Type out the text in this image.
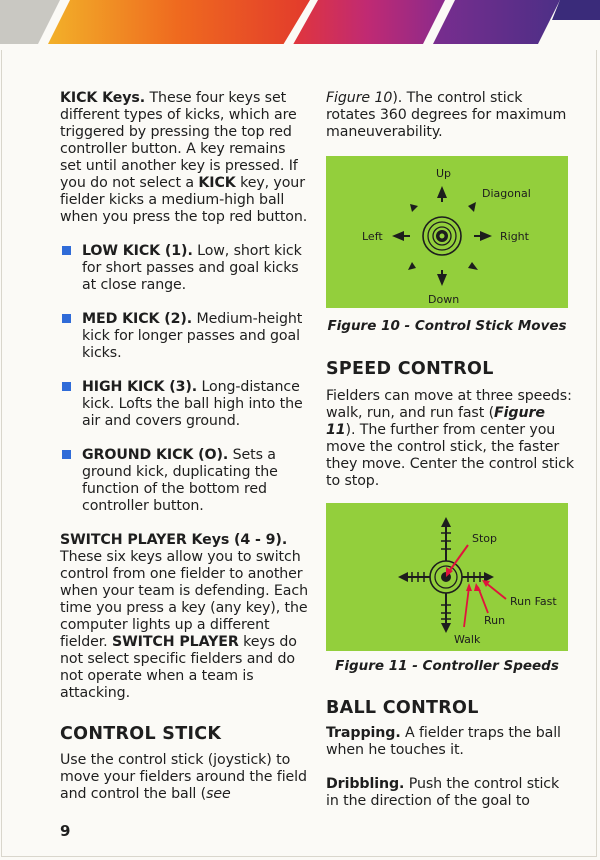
KICK Keys. These four keys set different types of kicks, which are triggered by pressing the top red controller button. A key remains set until another key is pressed. If you do not select a KICK key, your fielder kicks a medium-high ball when you press the top red button.

LOW KICK (1). Low, short kick for short passes and goal kicks at close range.

MED KICK (2). Medium-height kick for longer passes and goal kicks.

HIGH KICK (3). Long-distance kick. Lofts the ball high into the air and covers ground.

GROUND KICK (O). Sets a ground kick, duplicating the function of the bottom red controller button.

SWITCH PLAYER Keys (4 - 9). These six keys allow you to switch control from one fielder to another when your team is defending. Each time you press a key (any key), the computer lights up a different fielder. SWITCH PLAYER keys do not select specific fielders and do not operate when a team is attacking.

CONTROL STICK

Use the control stick (joystick) to move your fielders around the field and control the ball (see

Figure 10). The control stick rotates 360 degrees for maximum maneuverability.

Up
Diagonal
Left	Right
Down
Figure 10 - Control Stick Moves
SPEED CONTROL

Fielders can move at three speeds: walk, run, and run fast (Figure 11). The further from center you move the control stick, the faster they move. Center the control stick to stop.

Stop
Run Fast
Run
Walk
Figure 11 - Controller Speeds
BALL CONTROL

Trapping. A fielder traps the ball when he touches it.

Dribbling. Push the control stick in the direction of the goal to

9
